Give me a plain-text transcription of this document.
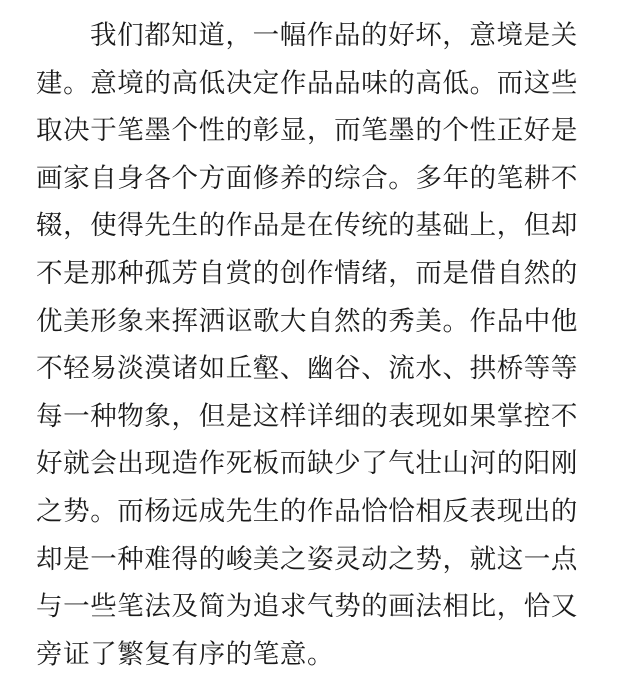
我们都知道，一幅作品的好坏，意境是关
建。意境的高低决定作品品味的高低。而这些
取决于笔墨个性的彰显，而笔墨的个性正好是
画家自身各个方面修养的综合。多年的笔耕不
辍，使得先生的作品是在传统的基础上，但却
不是那种孤芳自赏的创作情绪，而是借自然的
优美形象来挥洒讴歌大自然的秀美。作品中他
不轻易淡漠诸如丘壑、幽谷、流水、拱桥等等
每一种物象，但是这样详细的表现如果掌控不
好就会出现造作死板而缺少了气壮山河的阳刚
之势。而杨远成先生的作品恰恰相反表现出的
却是一种难得的峻美之姿灵动之势，就这一点
与一些笔法及简为追求气势的画法相比，恰又
旁证了繁复有序的笔意。
